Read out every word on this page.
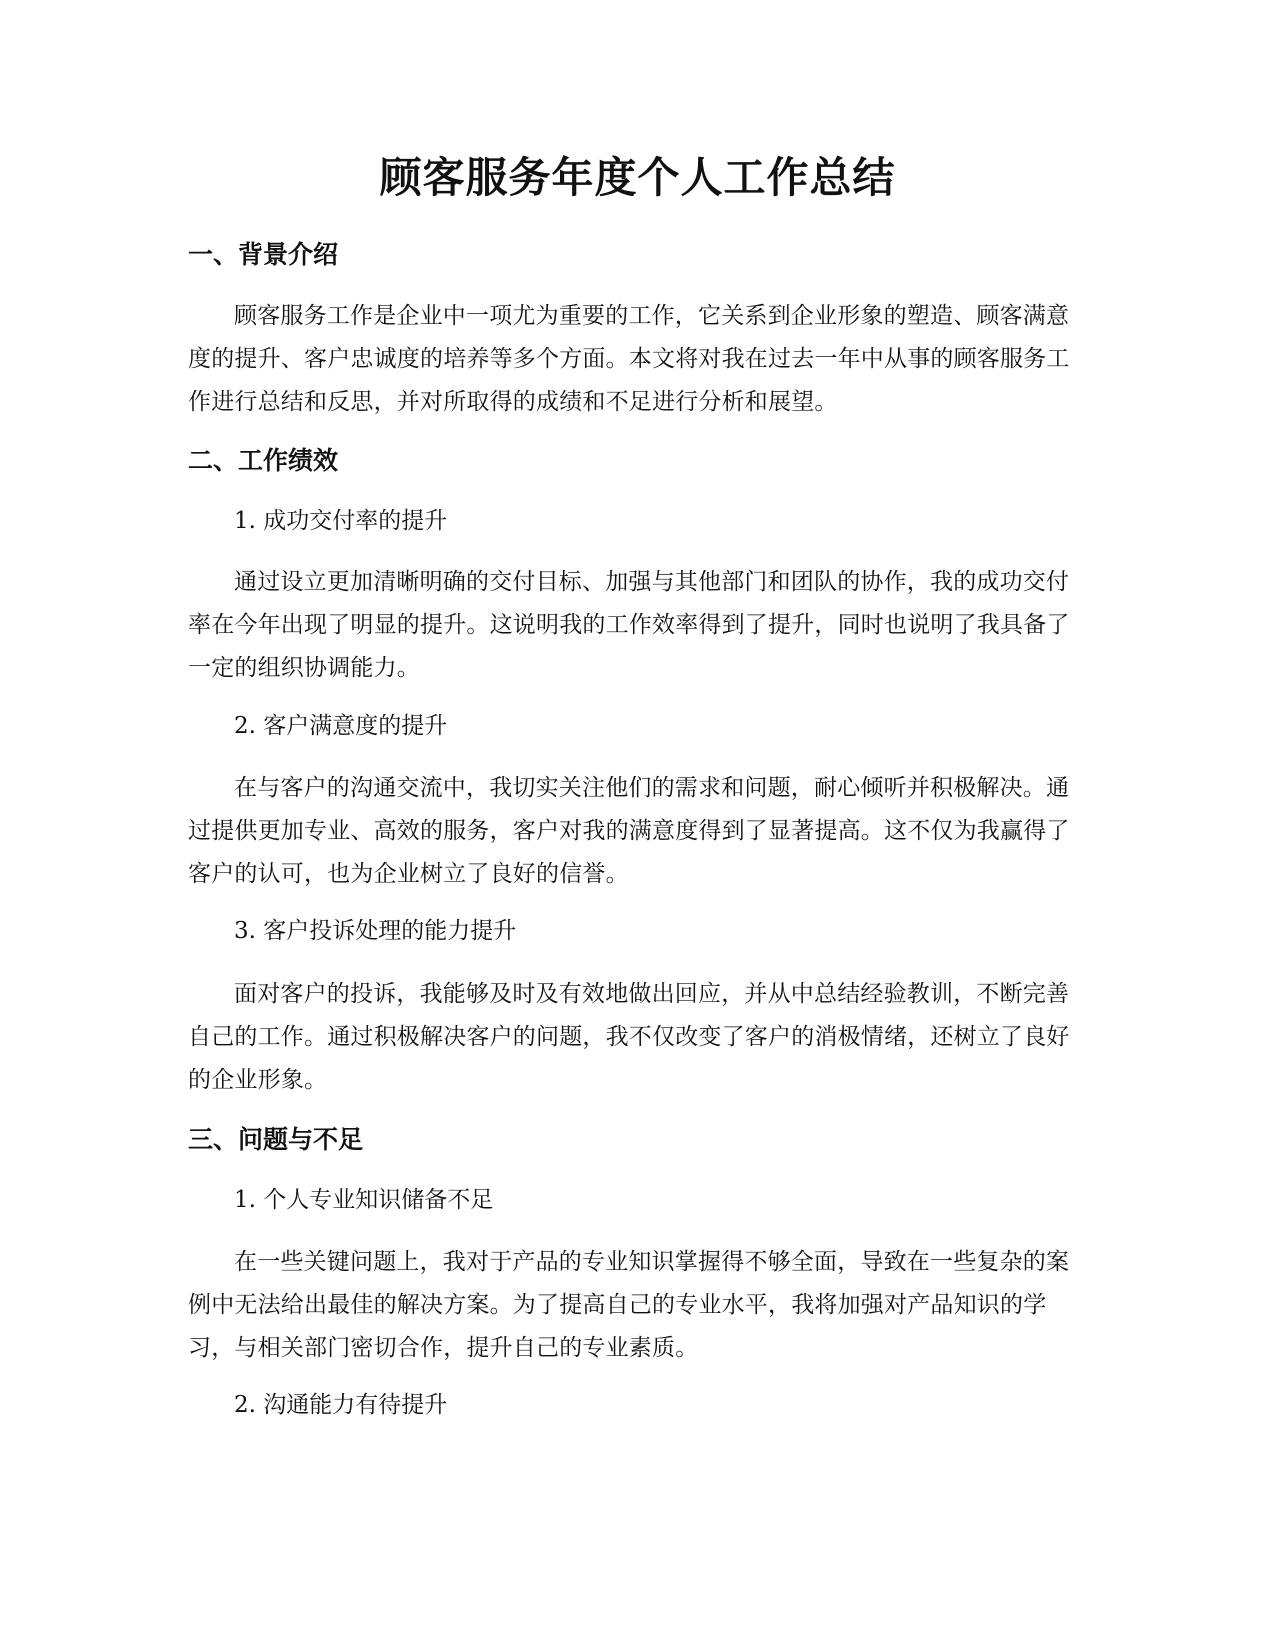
顾客服务年度个人工作总结
一、背景介绍

顾客服务工作是企业中一项尤为重要的工作，它关系到企业形象的塑造、顾客满意度的提升、客户忠诚度的培养等多个方面。本文将对我在过去一年中从事的顾客服务工作进行总结和反思，并对所取得的成绩和不足进行分析和展望。

二、工作绩效

1. 成功交付率的提升

通过设立更加清晰明确的交付目标、加强与其他部门和团队的协作，我的成功交付率在今年出现了明显的提升。这说明我的工作效率得到了提升，同时也说明了我具备了一定的组织协调能力。

2. 客户满意度的提升

在与客户的沟通交流中，我切实关注他们的需求和问题，耐心倾听并积极解决。通过提供更加专业、高效的服务，客户对我的满意度得到了显著提高。这不仅为我赢得了客户的认可，也为企业树立了良好的信誉。

3. 客户投诉处理的能力提升

面对客户的投诉，我能够及时及有效地做出回应，并从中总结经验教训，不断完善自己的工作。通过积极解决客户的问题，我不仅改变了客户的消极情绪，还树立了良好的企业形象。

三、问题与不足

1. 个人专业知识储备不足

在一些关键问题上，我对于产品的专业知识掌握得不够全面，导致在一些复杂的案例中无法给出最佳的解决方案。为了提高自己的专业水平，我将加强对产品知识的学习，与相关部门密切合作，提升自己的专业素质。

2. 沟通能力有待提升
